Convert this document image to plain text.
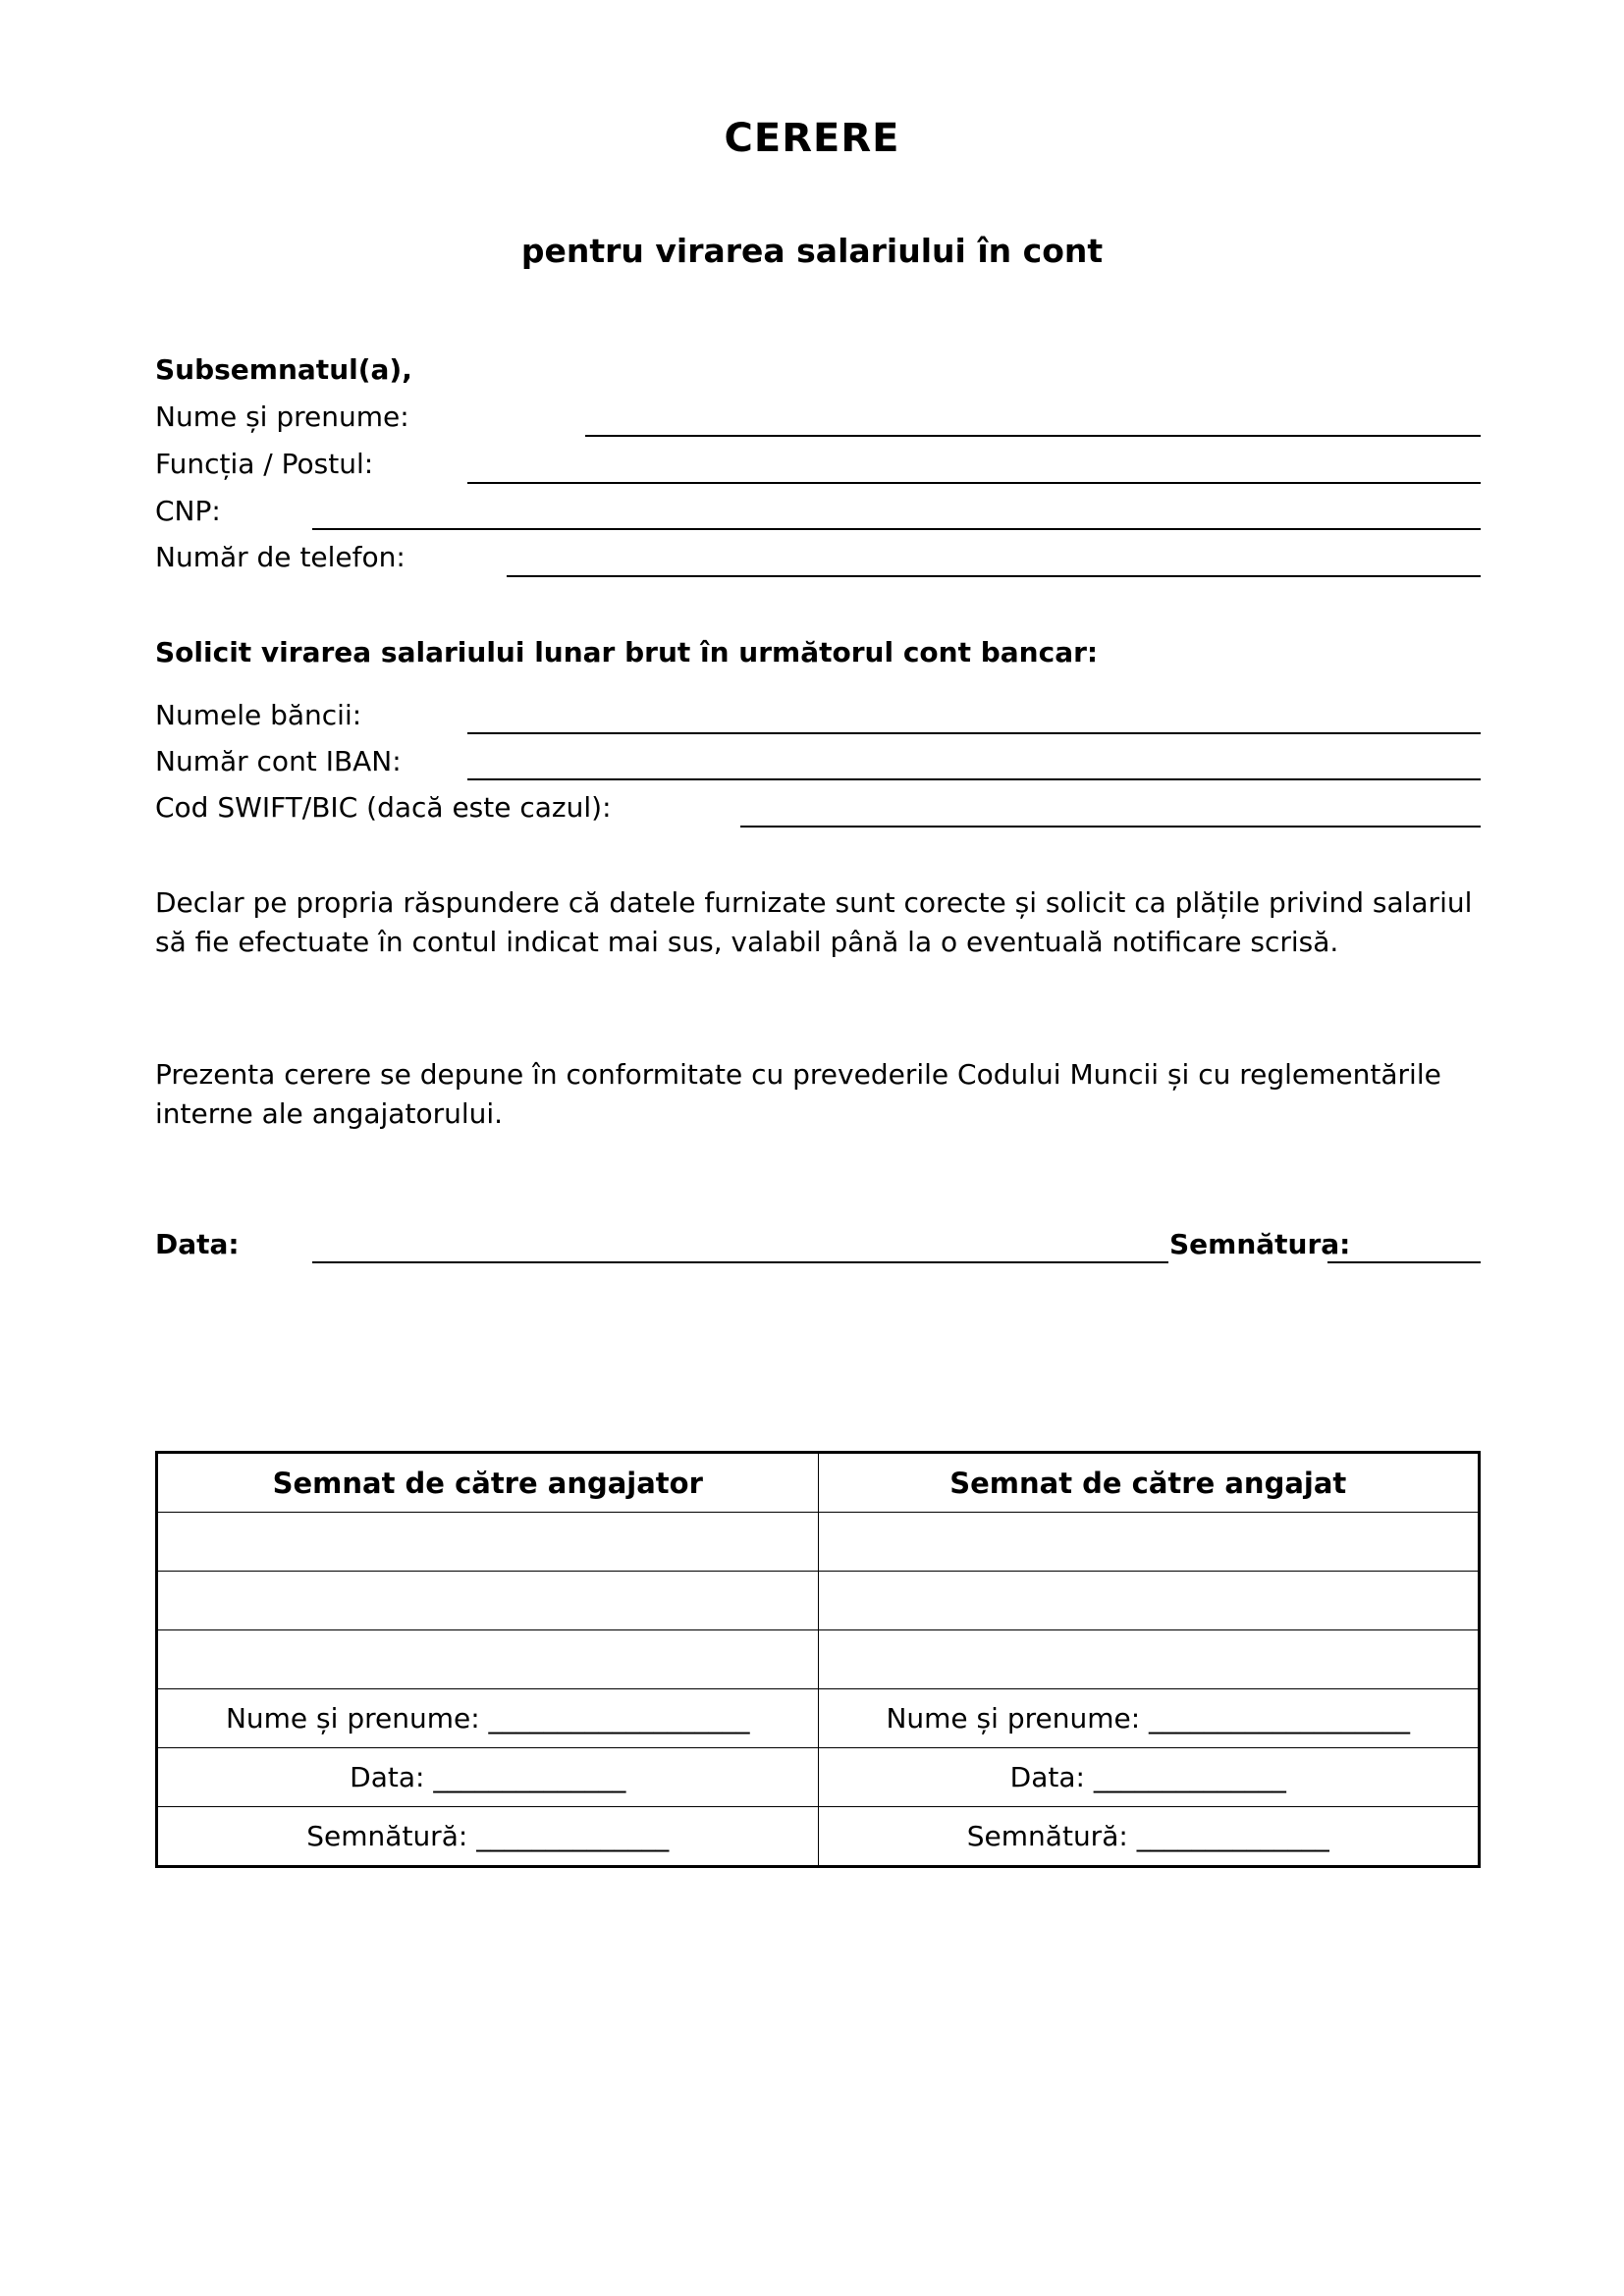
CERERE
pentru virarea salariului în cont
Subsemnatul(a),
Nume și prenume:
Funcția / Postul:
CNP:
Număr de telefon:
Solicit virarea salariului lunar brut în următorul cont bancar:
Numele băncii:
Număr cont IBAN:
Cod SWIFT/BIC (dacă este cazul):
Declar pe propria răspundere că datele furnizate sunt corecte și solicit ca plățile privind salariul să fie efectuate în contul indicat mai sus, valabil până la o eventuală notificare scrisă.
Prezenta cerere se depune în conformitate cu prevederile Codului Muncii și cu reglementările interne ale angajatorului.
Data:	Semnătura:
Semnat de către angajator	Semnat de către angajat

Nume și prenume: ___________________	Nume și prenume: ___________________
Data: ______________	Data: ______________
Semnătură: ______________	Semnătură: ______________
